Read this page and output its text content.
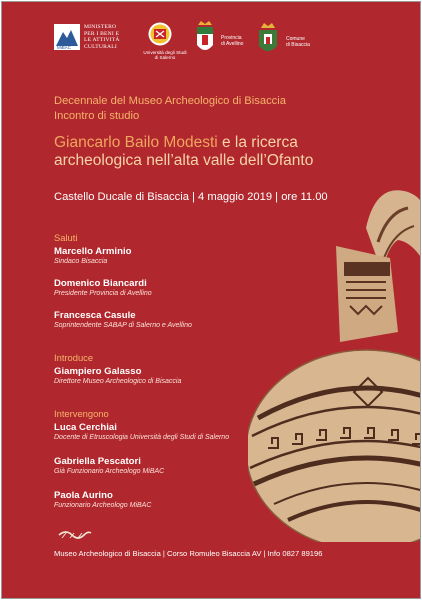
MiBAC
MINISTERO
PER I BENI E
LE ATTIVITÀ
CULTURALI
Università degli Studi
di Salerno
Provincia
di Avellino
Comune
di Bisaccia
Decennale del Museo Archeologico di Bisaccia
Incontro di studio
Giancarlo Bailo Modesti e la ricerca
archeologica nell’alta valle dell’Ofanto
Castello Ducale di Bisaccia | 4 maggio 2019 | ore 11.00
Saluti
Marcello Arminio
Sindaco Bisaccia
Domenico Biancardi
Presidente Provincia di Avellino
Francesca Casule
Soprintendente SABAP di Salerno e Avellino
Introduce
Giampiero Galasso
Direttore Museo Archeologico di Bisaccia
Intervengono
Luca Cerchiai
Docente di Etruscologia Università degli Studi di Salerno
Gabriella Pescatori
Già Funzionario Archeologo MiBAC
Paola Aurino
Funzionario Archeologo MiBAC
Museo Archeologico di Bisaccia | Corso Romuleo Bisaccia AV | Info 0827 89196
